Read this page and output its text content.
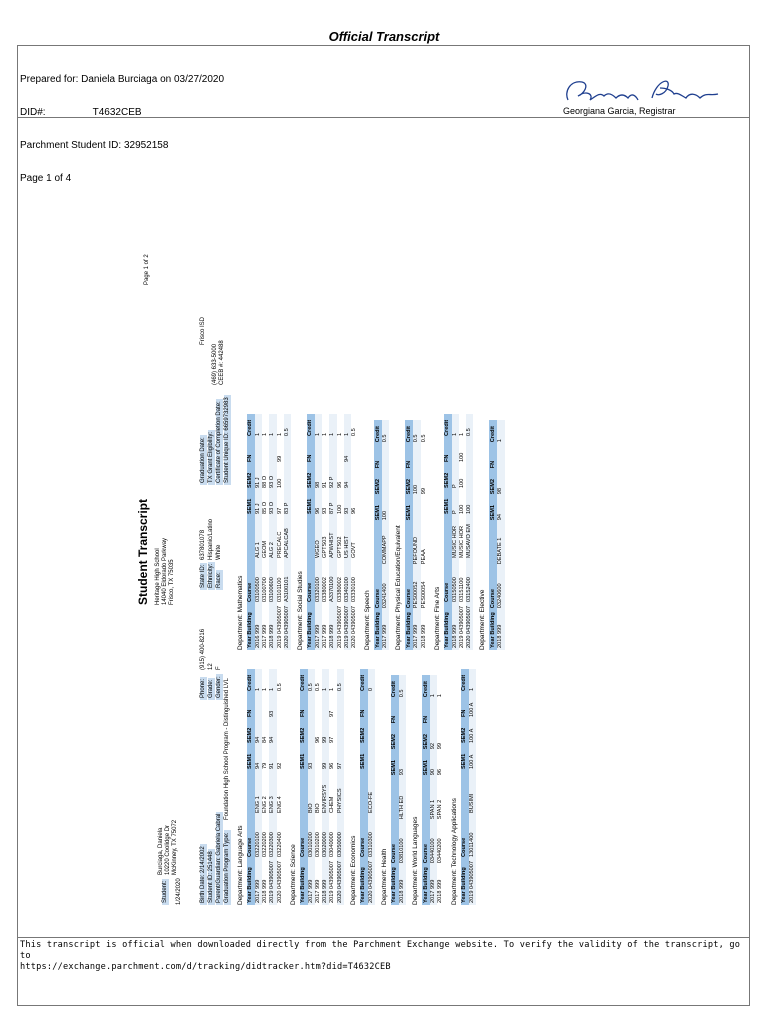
Official Transcript

Prepared for: Daniela Burciaga on 03/27/2020

DID#:                 T4632CEB

Parchment Student ID: 32952158

Page 1 of 4

Georgiana Garcia, Registrar
1/24/2020
Student Transcript Heritage High School 14040 Eldorado Parkway Frisco, TX 75035
Page 1 of 2
Frisco ISD
(469) 633-5000 CEEB #: 442488
Student:
Burciaga, Daniela 10220 Coolidge Dr McKinney, TX 75072	Birth Date: 2/14/2002 Student ID: 251448 Parent/Guardian: Gabriela Cabral Graduation Program Type:
Foundation High School Program - Distinguished LVL
Phone:
(915) 400-8216
Grade:
12
Gender:
F
State ID:
637801078
Ethnicity:
Hispanic/Latino
Race:
White
Graduation Date: TX Grant Eligibility: Certificate of Completion Date: Student Unique ID: 6659732983
Department: Language Arts Year Building	Course		SEM1	SEM2	FN	Credit
2017 999	03220100	ENG 1	94	94		1
2018 999	03220200	ENG 2	79	84		1
2019 043905007	03220300	ENG 3	91	94	93	1
2020 043905007	03220400	ENG 4	92			0.5
Department: Science Year Building	Course		SEM1	SEM2	FN	Credit
2017 999	03010200	BIO	93			0.5
2017 999	03010200	BIO		96		0.5
2018 999	03020000	ENVIRSYS	99	99		1
2019 043905007	03040000	CHEM	96	97	97	1
2020 043905007	03050000	PHYSICS	97			0.5
Department: Economics Year Building	Course		SEM1	SEM2	FN	Credit
2020 043905007	03310300	ECO-FE				0
Department: Health Year Building	Course		SEM1	SEM2	FN	Credit
2018 999	03810100	HLTH ED	93			0.5
Department: World Languages Year Building	Course		SEM1	SEM2	FN	Credit
2017 999	03440100	SPAN 1	90	92		1
2018 999	03440200	SPAN 2	96	99		1
Department: Technology Applications Year Building	Course		SEM1	SEM2	FN	Credit
2019 043905007	13011400	BUSIMI	100 A	100 A	100 A	1
Department: Mathematics Year Building	Course		SEM1	SEM2	FN	Credit
2016 999	03100500	ALG 1	91 J	91 J		1
2017 999	03100700	GEOM	85 O	88 O		1
2018 999	03100600	ALG 2	93 O	93 O		1
2019 043905007	03101100	PRECALC	97	100	99	1
2020 043905007	A3100101	APCALCAB	83 P			0.5
Department: Social Studies Year Building	Course		SEM1	SEM2	FN	Credit
2017 999	03320100	WGEO	96	98		1
2017 999	03380002	GPTS03	93	91		1
2018 999	A3370100	APWHIST	87 P	92 P		1
2019 043905007	03380002	GPTS02	100	96		1
2019 043905007	03340100	US HIST	93	94	94	1
2020 043905007	03330100	GOVT	96			0.5
Department: Speech Year Building	Course		SEM1	SEM2	FN	Credit
2017 999	03241400	COMMAPP	100			0.5
Department: Physical Education/Equivalent Year Building	Course		SEM1	SEM2	FN	Credit
2017 999	PES00052	PEFOUND		100		0.5
2018 999	PES00054	PEAA		99		0.5
Department: Fine Arts Year Building	Course		SEM1	SEM2	FN	Credit
2018 999	03150500	MUSIC HOR	P	P		1
2019 043905007	03151100	MUSIC HOR	100	100	100	1
2020 043905007	03152400	MUSAVO EM	100			0.5
Department: Elective Year Building	Course		SEM1	SEM2	FN	Credit
2018 999	03240600	DEBATE 1	94	98		1
This transcript is official when downloaded directly from the Parchment Exchange website. To verify the validity of the transcript, go to
https://exchange.parchment.com/d/tracking/didtracker.htm?did=T4632CEB
